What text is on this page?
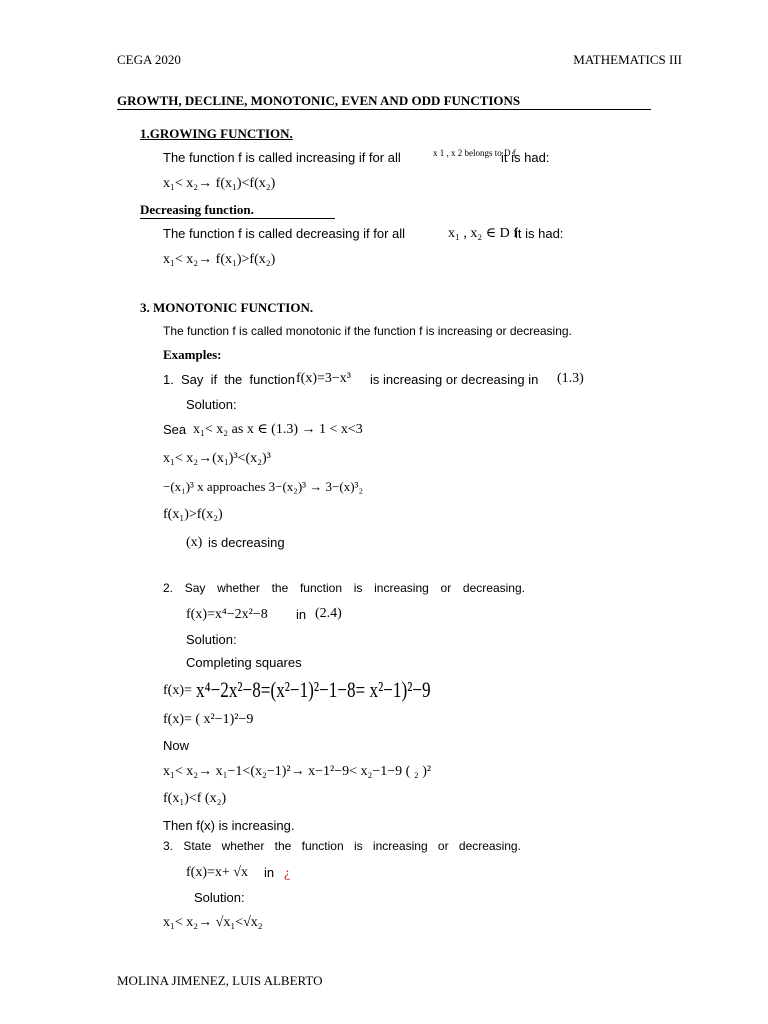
CEGA 2020	MATHEMATICS III
GROWTH, DECLINE, MONOTONIC, EVEN AND ODD FUNCTIONS
1.GROWING FUNCTION.
The function f is called increasing if for all	x 1 , x 2 belongs to D f
it is had:
x₁< x₂→ f(x₁)<f(x₂)
Decreasing function.
The function f is called decreasing if for all	x₁ , x₂ ∈ D f
it is had:
x₁< x₂→ f(x₁)>f(x₂)
3. MONOTONIC FUNCTION.
The function f is called monotonic if the function f is increasing or decreasing.
Examples:
1. Say if the function f(x)=3−x³ is increasing or decreasing in (1.3)
Solution:
Sea x₁< x₂ as x ∈ (1.3) → 1 < x<3
x₁< x₂→(x₁)³<(x₂)³
−(x₁)³ x approaches 3−(x₂)³ → 3−(x)³₂
f(x₁)>f(x₂)
(x) is decreasing
2. Say whether the function is increasing or decreasing.
f(x)=x⁴−2x²−8 in (2.4)
Solution:
Completing squares
f(x)= x⁴−2x²−8=(x²−1)²−1−8= x²−1)²−9
f(x)= ( x²−1)²−9
Now
x₁< x₂→ x₁−1<(x₂−1)²→ x−1²−9< x₂−1−9 ( ₂ )²
f(x₁)<f (x₂)
Then f(x) is increasing.
3. State whether the function is increasing or decreasing.
f(x)=x+ √x in ¿
Solution:
x₁< x₂→ √x₁<√x₂
MOLINA JIMENEZ, LUIS ALBERTO
